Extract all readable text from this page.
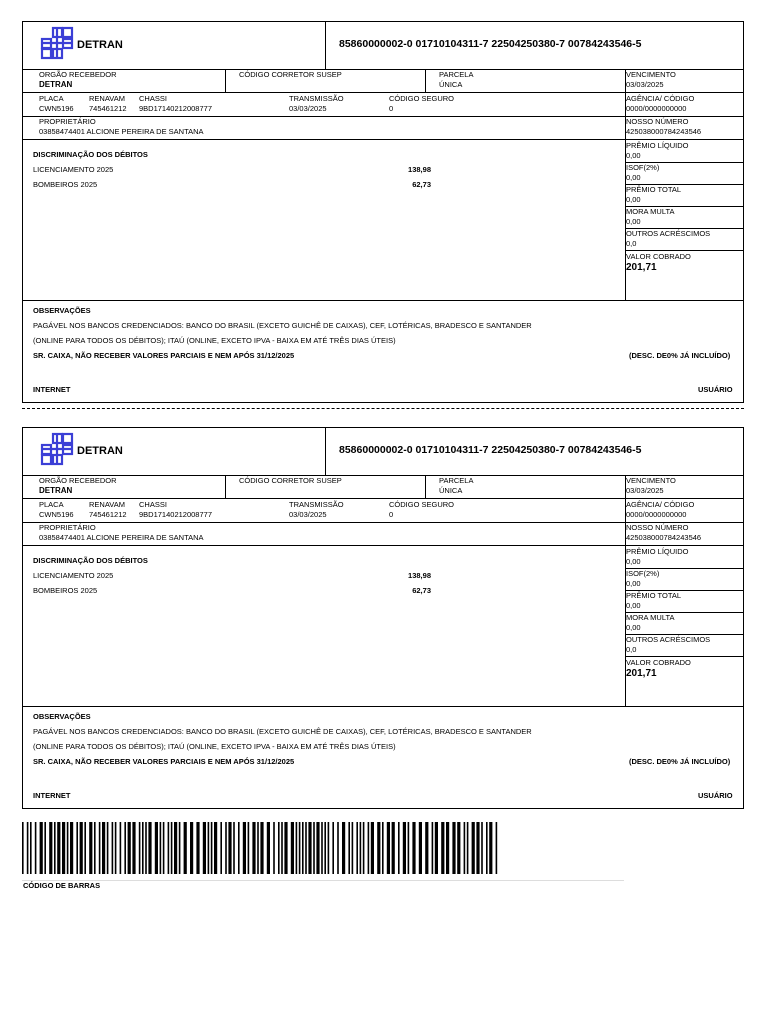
DETRAN	85860000002-0 01710104311-7 22504250380-7 00784243546-5
ORGÃO RECEBEDOR
DETRAN
CÓDIGO CORRETOR SUSEP	PARCELA
ÚNICA
VENCIMENTO
03/03/2025
PLACA
CWN5196
RENAVAM
745461212
CHASSI
9BD17140212008777
TRANSMISSÃO
03/03/2025
CÓDIGO SEGURO
0
AGÊNCIA/ CÓDIGO
0000/0000000000
PROPRIETÁRIO
03858474401 ALCIONE PEREIRA DE SANTANA
NOSSO NÚMERO
425038000784243546
DISCRIMINAÇÃO DOS DÉBITOS
LICENCIAMENTO 2025	138,98
BOMBEIROS 2025	62,73
PRÊMIO LÍQUIDO
0,00
ISOF(2%)
0,00
PRÊMIO TOTAL
0,00
MORA MULTA
0,00
OUTROS ACRÉSCIMOS
0,0
VALOR COBRADO
201,71
OBSERVAÇÕES
PAGÁVEL NOS BANCOS CREDENCIADOS: BANCO DO BRASIL (EXCETO GUICHÊ DE CAIXAS), CEF, LOTÉRICAS, BRADESCO E SANTANDER
(ONLINE PARA TODOS OS DÉBITOS); ITAÚ (ONLINE, EXCETO IPVA - BAIXA EM ATÉ TRÊS DIAS ÚTEIS)
SR. CAIXA, NÃO RECEBER VALORES PARCIAIS E NEM APÓS 31/12/2025	(DESC. DE0% JÁ INCLUÍDO)
INTERNET	USUÁRIO
DETRAN	85860000002-0 01710104311-7 22504250380-7 00784243546-5
ORGÃO RECEBEDOR
DETRAN
CÓDIGO CORRETOR SUSEP	PARCELA
ÚNICA
VENCIMENTO
03/03/2025
PLACA
CWN5196
RENAVAM
745461212
CHASSI
9BD17140212008777
TRANSMISSÃO
03/03/2025
CÓDIGO SEGURO
0
AGÊNCIA/ CÓDIGO
0000/0000000000
PROPRIETÁRIO
03858474401 ALCIONE PEREIRA DE SANTANA
NOSSO NÚMERO
425038000784243546
DISCRIMINAÇÃO DOS DÉBITOS
LICENCIAMENTO 2025	138,98
BOMBEIROS 2025	62,73
PRÊMIO LÍQUIDO
0,00
ISOF(2%)
0,00
PRÊMIO TOTAL
0,00
MORA MULTA
0,00
OUTROS ACRÉSCIMOS
0,0
VALOR COBRADO
201,71
OBSERVAÇÕES
PAGÁVEL NOS BANCOS CREDENCIADOS: BANCO DO BRASIL (EXCETO GUICHÊ DE CAIXAS), CEF, LOTÉRICAS, BRADESCO E SANTANDER
(ONLINE PARA TODOS OS DÉBITOS); ITAÚ (ONLINE, EXCETO IPVA - BAIXA EM ATÉ TRÊS DIAS ÚTEIS)
SR. CAIXA, NÃO RECEBER VALORES PARCIAIS E NEM APÓS 31/12/2025	(DESC. DE0% JÁ INCLUÍDO)
INTERNET	USUÁRIO
CÓDIGO DE BARRAS
